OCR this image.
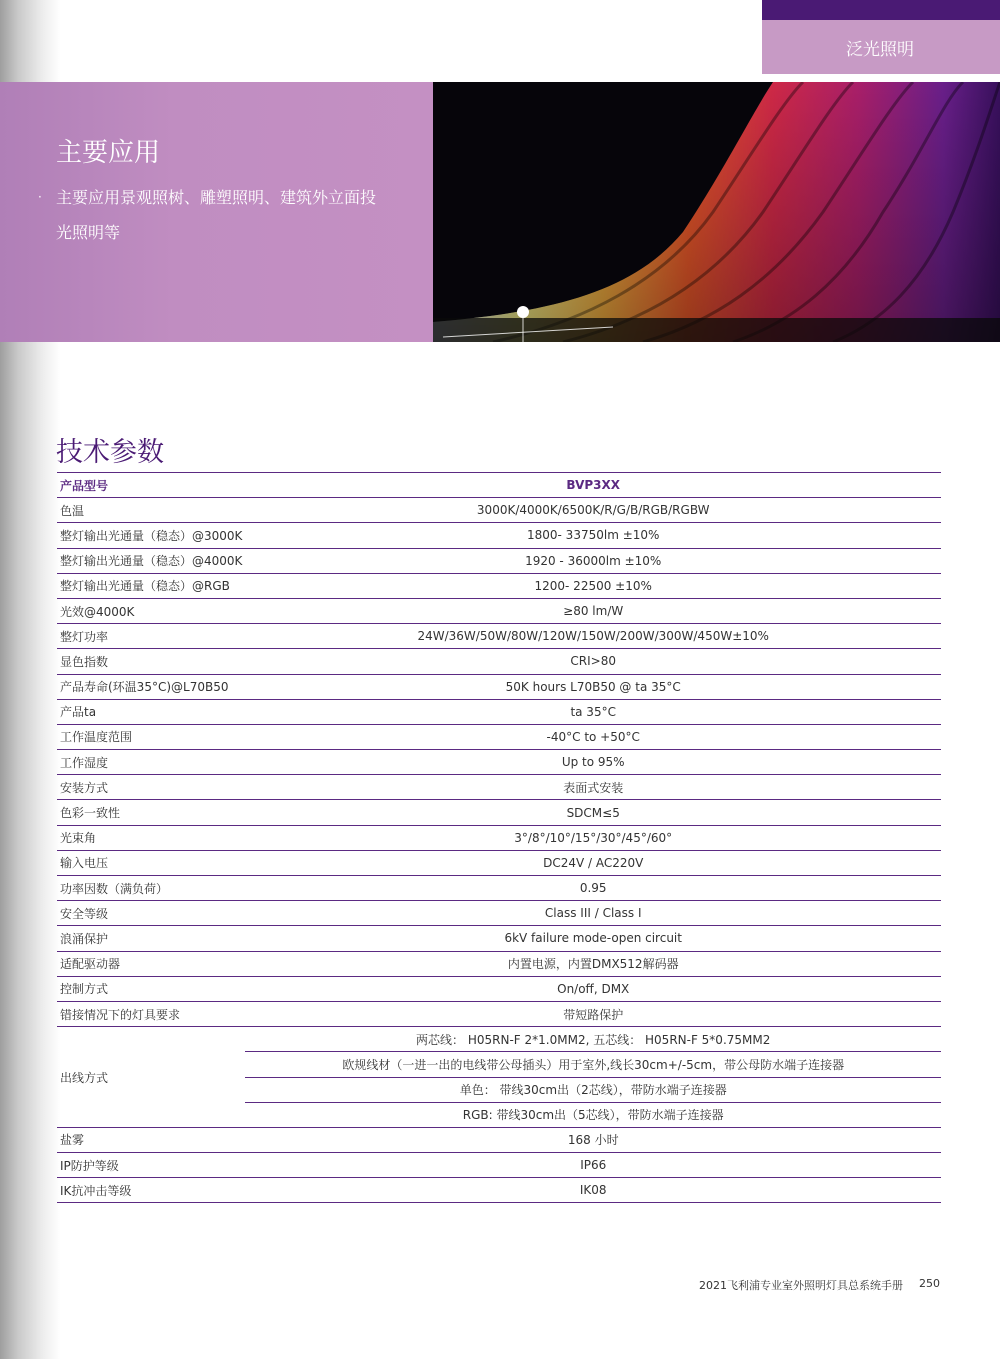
泛光照明
主要应用
· 主要应用景观照树、雕塑照明、建筑外立面投光照明等
技术参数
产品型号	BVP3XX
色温	3000K/4000K/6500K/R/G/B/RGB/RGBW
整灯输出光通量（稳态）@3000K	1800- 33750lm ±10%
整灯输出光通量（稳态）@4000K	1920 - 36000lm ±10%
整灯输出光通量（稳态）@RGB	1200- 22500 ±10%
光效@4000K	≥80 lm/W
整灯功率	24W/36W/50W/80W/120W/150W/200W/300W/450W±10%
显色指数	CRI>80
产品寿命(环温35°C)@L70B50	50K hours L70B50 @ ta 35°C
产品ta	ta 35°C
工作温度范围	-40°C to +50°C
工作湿度	Up to 95%
安装方式	表面式安装
色彩一致性	SDCM≤5
光束角	3°/8°/10°/15°/30°/45°/60°
输入电压	DC24V / AC220V
功率因数（满负荷）	0.95
安全等级	Class III / Class I
浪涌保护	6kV failure mode-open circuit
适配驱动器	内置电源，内置DMX512解码器
控制方式	On/off, DMX
错接情况下的灯具要求	带短路保护
出线方式	两芯线： H05RN-F 2*1.0MM2, 五芯线： H05RN-F 5*0.75MM2
	欧规线材（一进一出的电线带公母插头）用于室外,线长30cm+/-5cm，带公母防水端子连接器
	单色： 带线30cm出（2芯线），带防水端子连接器
	RGB: 带线30cm出（5芯线），带防水端子连接器
盐雾	168 小时
IP防护等级	IP66
IK抗冲击等级	IK08
2021飞利浦专业室外照明灯具总系统手册 250
